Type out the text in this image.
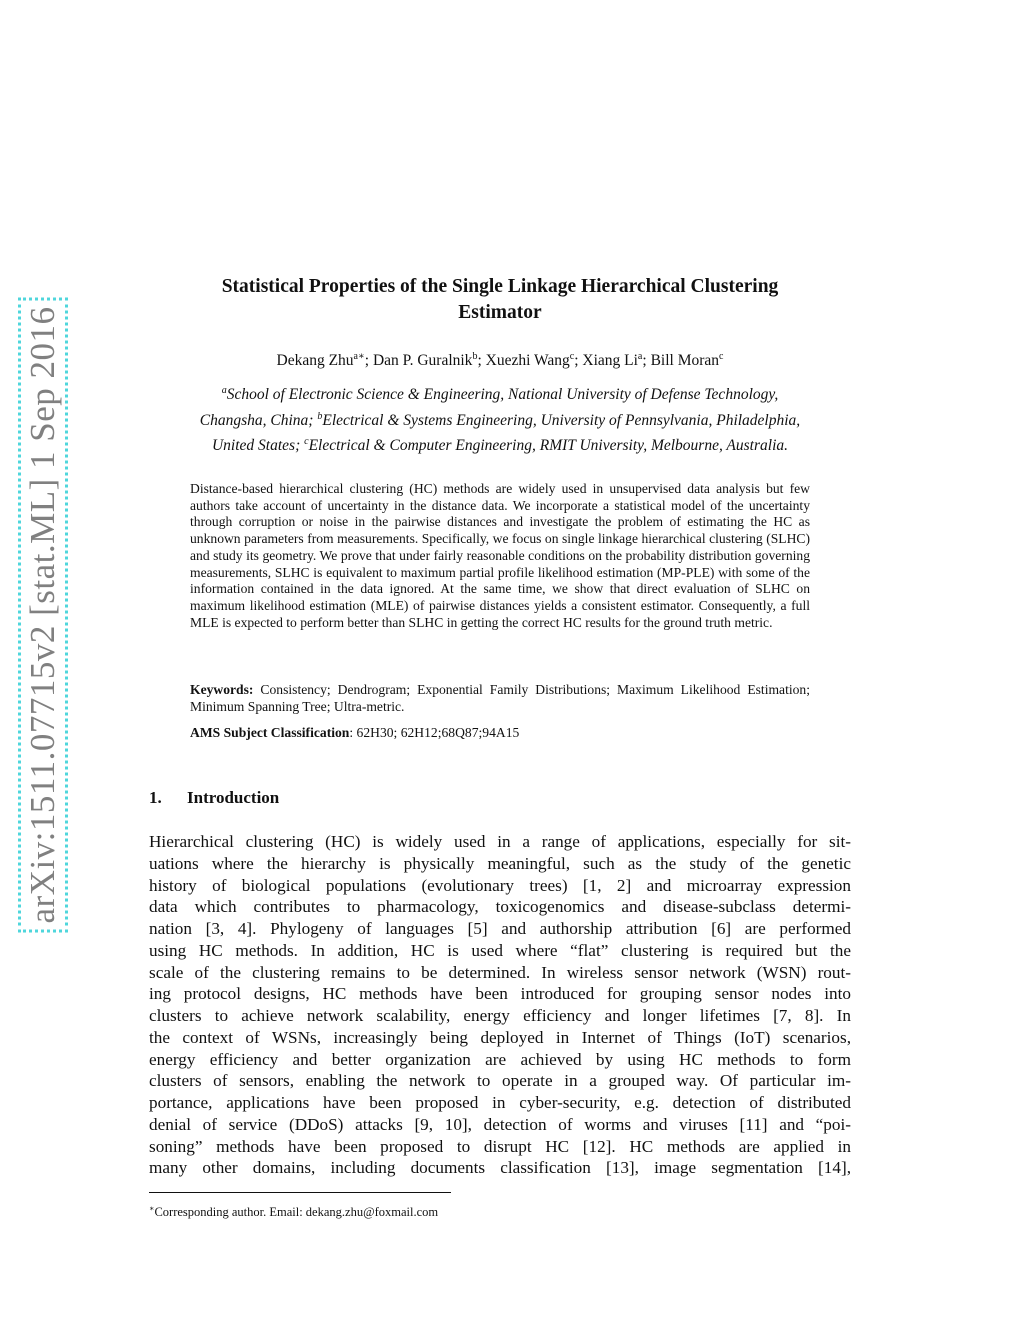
arXiv:1511.07715v2 [stat.ML] 1 Sep 2016
Statistical Properties of the Single Linkage Hierarchical Clustering
Estimator
Dekang Zhu$^{a∗}$; Dan P. Guralnik$^b$; Xuezhi Wang$^c$; Xiang Li$^a$; Bill Moran$^c$
$^a$School of Electronic Science & Engineering, National University of Defense Technology,
Changsha, China; $^b$Electrical & Systems Engineering, University of Pennsylvania, Philadelphia,
United States; $^c$Electrical & Computer Engineering, RMIT University, Melbourne, Australia.
Distance-based hierarchical clustering (HC) methods are widely used in unsupervised data analysis but few authors take account of uncertainty in the distance data. We incorporate a statistical model of the uncertainty through corruption or noise in the pairwise distances and investigate the problem of estimating the HC as unknown parameters from measurements. Specifically, we focus on single linkage hierarchical clustering (SLHC) and study its geometry. We prove that under fairly reasonable conditions on the probability distribution governing measurements, SLHC is equivalent to maximum partial profile likelihood estimation (MP-PLE) with some of the information contained in the data ignored. At the same time, we show that direct evaluation of SLHC on maximum likelihood estimation (MLE) of pairwise distances yields a consistent estimator. Consequently, a full MLE is expected to perform better than SLHC in getting the correct HC results for the ground truth metric.
Keywords: Consistency; Dendrogram; Exponential Family Distributions; Maximum Likelihood Estimation; Minimum Spanning Tree; Ultra-metric.
AMS Subject Classification: 62H30; 62H12;68Q87;94A15
1. Introduction
Hierarchical clustering (HC) is widely used in a range of applications, especially for sit-
uations where the hierarchy is physically meaningful, such as the study of the genetic
history of biological populations (evolutionary trees) [1, 2] and microarray expression
data which contributes to pharmacology, toxicogenomics and disease-subclass determi-
nation [3, 4]. Phylogeny of languages [5] and authorship attribution [6] are performed
using HC methods. In addition, HC is used where “flat” clustering is required but the
scale of the clustering remains to be determined. In wireless sensor network (WSN) rout-
ing protocol designs, HC methods have been introduced for grouping sensor nodes into
clusters to achieve network scalability, energy efficiency and longer lifetimes [7, 8]. In
the context of WSNs, increasingly being deployed in Internet of Things (IoT) scenarios,
energy efficiency and better organization are achieved by using HC methods to form
clusters of sensors, enabling the network to operate in a grouped way. Of particular im-
portance, applications have been proposed in cyber-security, e.g. detection of distributed
denial of service (DDoS) attacks [9, 10], detection of worms and viruses [11] and “poi-
soning” methods have been proposed to disrupt HC [12]. HC methods are applied in
many other domains, including documents classification [13], image segmentation [14],
∗Corresponding author. Email: dekang.zhu@foxmail.com
